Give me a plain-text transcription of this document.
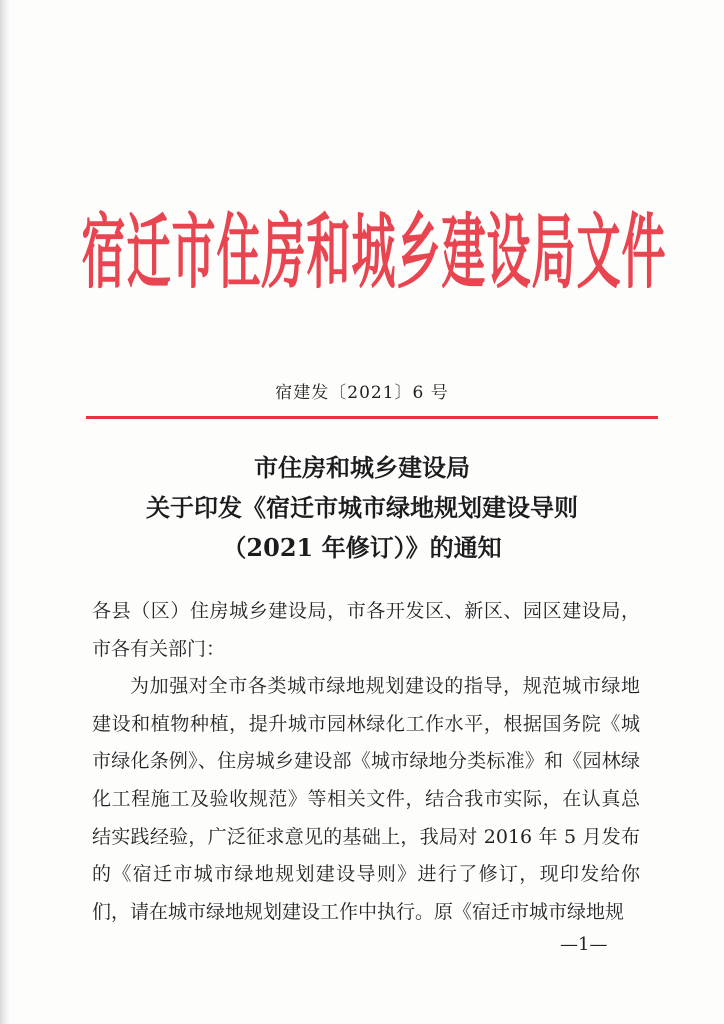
宿迁市住房和城乡建设局文件
宿建发〔2021〕6 号
市住房和城乡建设局
关于印发《宿迁市城市绿地规划建设导则
（2021 年修订）》的通知

各县（区）住房城乡建设局，市各开发区、新区、园区建设局，市各有关部门：

为加强对全市各类城市绿地规划建设的指导，规范城市绿地建设和植物种植，提升城市园林绿化工作水平，根据国务院《城市绿化条例》、住房城乡建设部《城市绿地分类标准》和《园林绿化工程施工及验收规范》等相关文件，结合我市实际，在认真总结实践经验，广泛征求意见的基础上，我局对 2016 年 5 月发布的《宿迁市城市绿地规划建设导则》进行了修订，现印发给你们，请在城市绿地规划建设工作中执行。原《宿迁市城市绿地规

—1—
